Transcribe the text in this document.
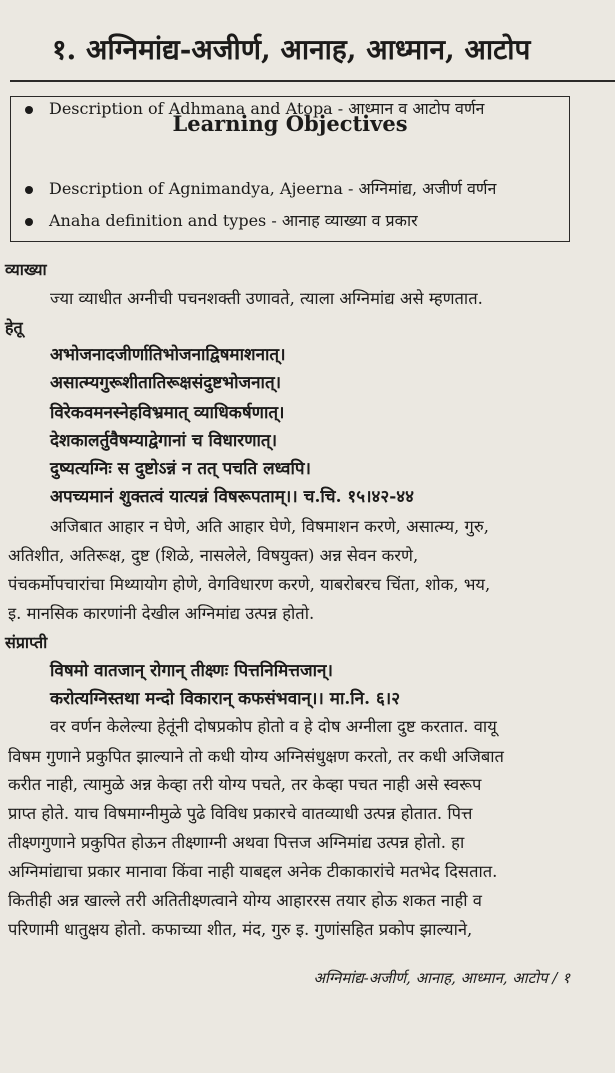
१. अग्निमांद्य-अजीर्ण, आनाह, आध्मान, आटोप
Learning Objectives
Description of Agnimandya, Ajeerna - अग्निमांद्य, अजीर्ण वर्णन
Anaha definition and types - आनाह व्याख्या व प्रकार
Description of Adhmana and Atopa - आध्मान व आटोप वर्णन
व्याख्या
ज्या व्याधीत अग्नीची पचनशक्ती उणावते, त्याला अग्निमांद्य असे म्हणतात.
हेतू
अभोजनादजीर्णातिभोजनाद्विषमाशनात्।
असात्म्यगुरूशीतातिरूक्षसंदुष्टभोजनात्।
विरेकवमनस्नेहविभ्रमात् व्याधिकर्षणात्।
देशकालर्तुवैषम्याद्वेगानां च विधारणात्।
दुष्यत्यग्निः स दुष्टोऽन्नं न तत् पचति लध्वपि।
अपच्यमानं शुक्तत्वं यात्यन्नं विषरूपताम्।। च.चि. १५।४२-४४
अजिबात आहार न घेणे, अति आहार घेणे, विषमाशन करणे, असात्म्य, गुरु,
अतिशीत, अतिरूक्ष, दुष्ट (शिळे, नासलेले, विषयुक्त) अन्न सेवन करणे,
पंचकर्मोपचारांचा मिथ्यायोग होणे, वेगविधारण करणे, याबरोबरच चिंता, शोक, भय,
इ. मानसिक कारणांनी देखील अग्निमांद्य उत्पन्न होतो.
संप्राप्ती
विषमो वातजान् रोगान् तीक्ष्णः पित्तनिमित्तजान्।
करोत्यग्निस्तथा मन्दो विकारान् कफसंभवान्।। मा.नि. ६।२
वर वर्णन केलेल्या हेतूंनी दोषप्रकोप होतो व हे दोष अग्नीला दुष्ट करतात. वायू
विषम गुणाने प्रकुपित झाल्याने तो कधी योग्य अग्निसंधुक्षण करतो, तर कधी अजिबात
करीत नाही, त्यामुळे अन्न केव्हा तरी योग्य पचते, तर केव्हा पचत नाही असे स्वरूप
प्राप्त होते. याच विषमाग्नीमुळे पुढे विविध प्रकारचे वातव्याधी उत्पन्न होतात. पित्त
तीक्ष्णगुणाने प्रकुपित होऊन तीक्ष्णाग्नी अथवा पित्तज अग्निमांद्य उत्पन्न होतो. हा
अग्निमांद्याचा प्रकार मानावा किंवा नाही याबद्दल अनेक टीकाकारांचे मतभेद दिसतात.
कितीही अन्न खाल्ले तरी अतितीक्ष्णत्वाने योग्य आहाररस तयार होऊ शकत नाही व
परिणामी धातुक्षय होतो. कफाच्या शीत, मंद, गुरु इ. गुणांसहित प्रकोप झाल्याने,
अग्निमांद्य-अजीर्ण, आनाह, आध्मान, आटोप / १
